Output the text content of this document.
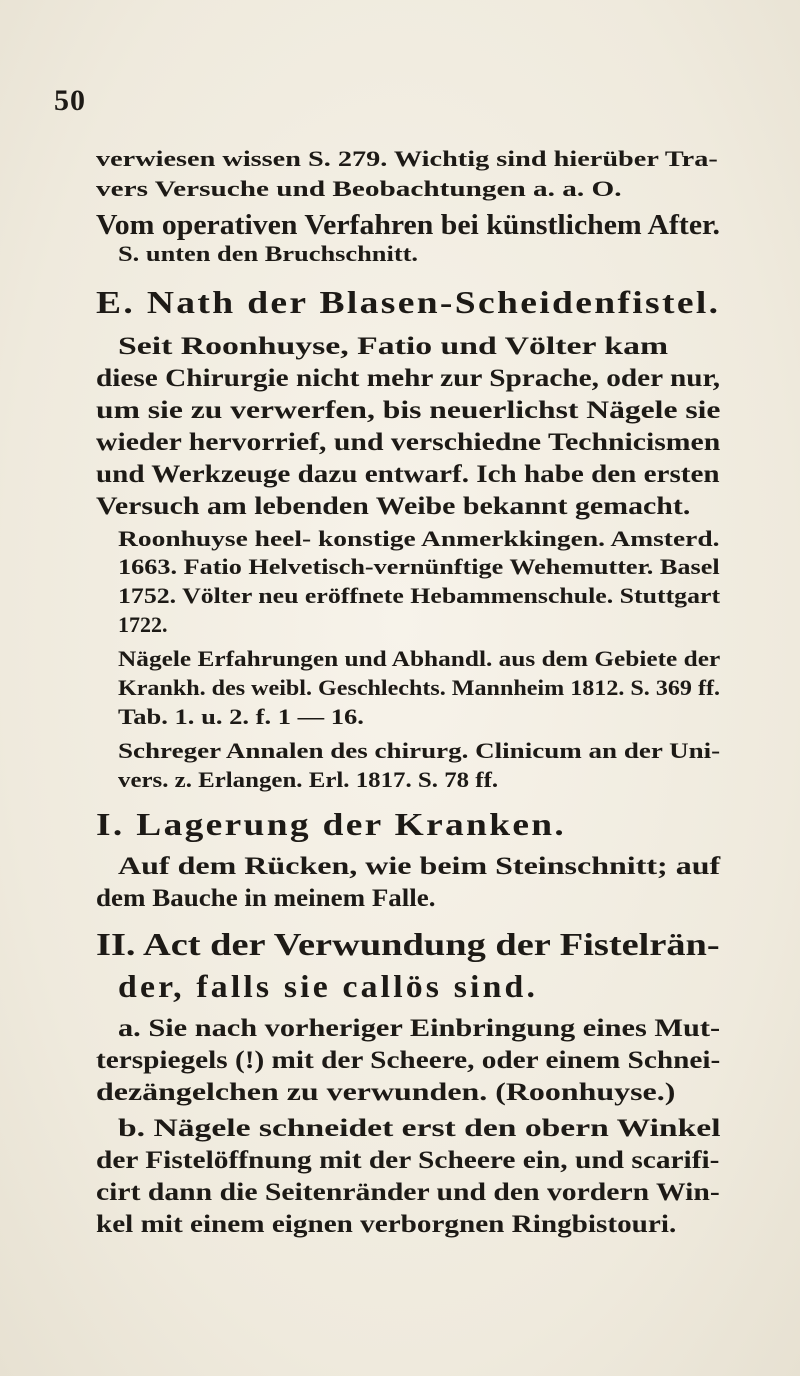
50
verwiesen wissen S. 279. Wichtig sind hierüber Tra-
vers Versuche und Beobachtungen a. a. O.
Vom operativen Verfahren bei künstlichem After.
S. unten den Bruchschnitt.
E. Nath der Blasen-Scheidenfistel.
Seit Roonhuyse, Fatio und Völter kam
diese Chirurgie nicht mehr zur Sprache, oder nur,
um sie zu verwerfen, bis neuerlichst Nägele sie
wieder hervorrief, und verschiedne Technicismen
und Werkzeuge dazu entwarf. Ich habe den ersten
Versuch am lebenden Weibe bekannt gemacht.
Roonhuyse heel- konstige Anmerkkingen. Amsterd.
1663. Fatio Helvetisch-vernünftige Wehemutter. Basel
1752. Völter neu eröffnete Hebammenschule. Stuttgart
1722.
Nägele Erfahrungen und Abhandl. aus dem Gebiete der
Krankh. des weibl. Geschlechts. Mannheim 1812. S. 369 ff.
Tab. 1. u. 2. f. 1 — 16.
Schreger Annalen des chirurg. Clinicum an der Uni-
vers. z. Erlangen. Erl. 1817. S. 78 ff.
I. Lagerung der Kranken.
Auf dem Rücken, wie beim Steinschnitt; auf
dem Bauche in meinem Falle.
II. Act der Verwundung der Fistelrän-
der, falls sie callös sind.
a. Sie nach vorheriger Einbringung eines Mut-
terspiegels (!) mit der Scheere, oder einem Schnei-
dezängelchen zu verwunden. (Roonhuyse.)
b. Nägele schneidet erst den obern Winkel
der Fistelöffnung mit der Scheere ein, und scarifi-
cirt dann die Seitenränder und den vordern Win-
kel mit einem eignen verborgnen Ringbistouri.
